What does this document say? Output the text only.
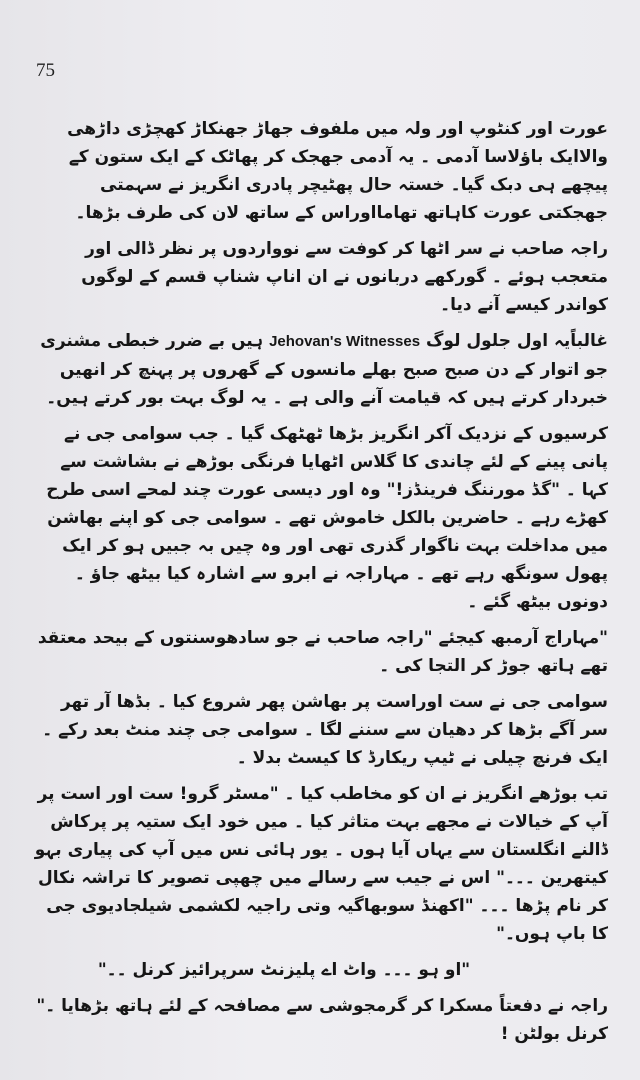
75

عورت اور کنٹوپ اور ولہ میں ملفوف جھاڑ جھنکاڑ کھچڑی داڑھی والاایک باؤلاسا آدمی ۔ یہ آدمی جھجک کر پھاٹک کے ایک ستون کے پیچھے ہی دبک گیا۔ خستہ حال پھٹیچر پادری انگریز نے سہمتی جھجکتی عورت کاہاتھ تھامااوراس کے ساتھ لان کی طرف بڑھا۔

راجہ صاحب نے سر اٹھا کر کوفت سے نوواردوں پر نظر ڈالی اور متعجب ہوئے ۔ گورکھے دربانوں نے ان اناپ شناپ قسم کے لوگوں کواندر کیسے آنے دیا۔

غالباًیہ اول جلول لوگ Jehovan's Witnesses ہیں بے ضرر خبطی مشنری جو اتوار کے دن صبح صبح بھلے مانسوں کے گھروں پر پہنچ کر انھیں خبردار کرتے ہیں کہ قیامت آنے والی ہے ۔ یہ لوگ بہت بور کرتے ہیں۔

کرسیوں کے نزدیک آکر انگریز بڑھا ٹھٹھک گیا ۔ جب سوامی جی نے پانی پینے کے لئے چاندی کا گلاس اٹھایا فرنگی بوڑھے نے بشاشت سے کہا ۔ "گڈ مورننگ فرینڈز!" وہ اور دیسی عورت چند لمحے اسی طرح کھڑے رہے ۔ حاضرین بالکل خاموش تھے ۔ سوامی جی کو اپنے بھاشن میں مداخلت بہت ناگوار گذری تھی اور وہ چیں بہ جبیں ہو کر ایک پھول سونگھ رہے تھے ۔ مہاراجہ نے ابرو سے اشارہ کیا بیٹھ جاؤ ۔ دونوں بیٹھ گئے ۔

"مہاراج آرمبھ کیجئے "راجہ صاحب نے جو سادھوسنتوں کے بیحد معتقد تھے ہاتھ جوڑ کر التجا کی ۔

سوامی جی نے ست اوراست پر بھاشن پھر شروع کیا ۔ بڈھا آر تھر سر آگے بڑھا کر دھیان سے سننے لگا ۔ سوامی جی چند منٹ بعد رکے ۔ ایک فرنچ چیلی نے ٹیپ ریکارڈ کا کیسٹ بدلا ۔

تب بوڑھے انگریز نے ان کو مخاطب کیا ۔ "مسٹر گرو! ست اور است پر آپ کے خیالات نے مجھے بہت متاثر کیا ۔ میں خود ایک ستیہ پر پرکاش ڈالنے انگلستان سے یہاں آیا ہوں ۔ یور ہائی نس میں آپ کی پیاری بہو کیتھرین ۔۔۔" اس نے جیب سے رسالے میں چھپی تصویر کا تراشہ نکال کر نام پڑھا ۔۔۔ "اکھنڈ سوبھاگیہ وتی راجیہ لکشمی شیلجادیوی جی کا باپ ہوں۔"

"او ہو ۔۔۔ واٹ اے پلیزنٹ سرپرائیز کرنل ۔۔"

راجہ نے دفعتاً مسکرا کر گرمجوشی سے مصافحہ کے لئے ہاتھ بڑھایا ۔" کرنل بولٹن !
